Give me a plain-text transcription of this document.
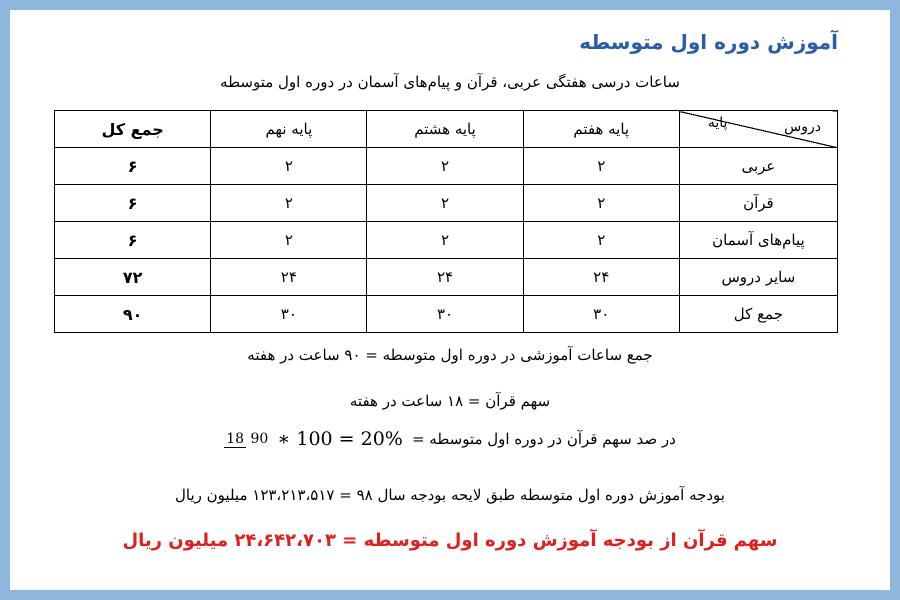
آموزش دوره اول متوسطه
ساعات درسی هفتگی عربی، قرآن و پیام‌های آسمان در دوره اول متوسطه
دروس
پایه	پایه هفتم	پایه هشتم	پایه نهم	جمع کل
عربی	۲	۲	۲	۶
قرآن	۲	۲	۲	۶
پیام‌های آسمان	۲	۲	۲	۶
سایر دروس	۲۴	۲۴	۲۴	۷۲
جمع کل	۳۰	۳۰	۳۰	۹۰
جمع ساعات آموزشی در دوره اول متوسطه = ۹۰ ساعت در هفته
سهم قرآن = ۱۸ ساعت در هفته
18 90 ∗ 100 = 20% در صد سهم قرآن در دوره اول متوسطه =
بودجه آموزش دوره اول متوسطه طبق لایحه بودجه سال ۹۸ = ۱۲۳،۲۱۳،۵۱۷ میلیون ریال
سهم قرآن از بودجه آموزش دوره اول متوسطه = ۲۴،۶۴۲،۷۰۳ میلیون ریال
